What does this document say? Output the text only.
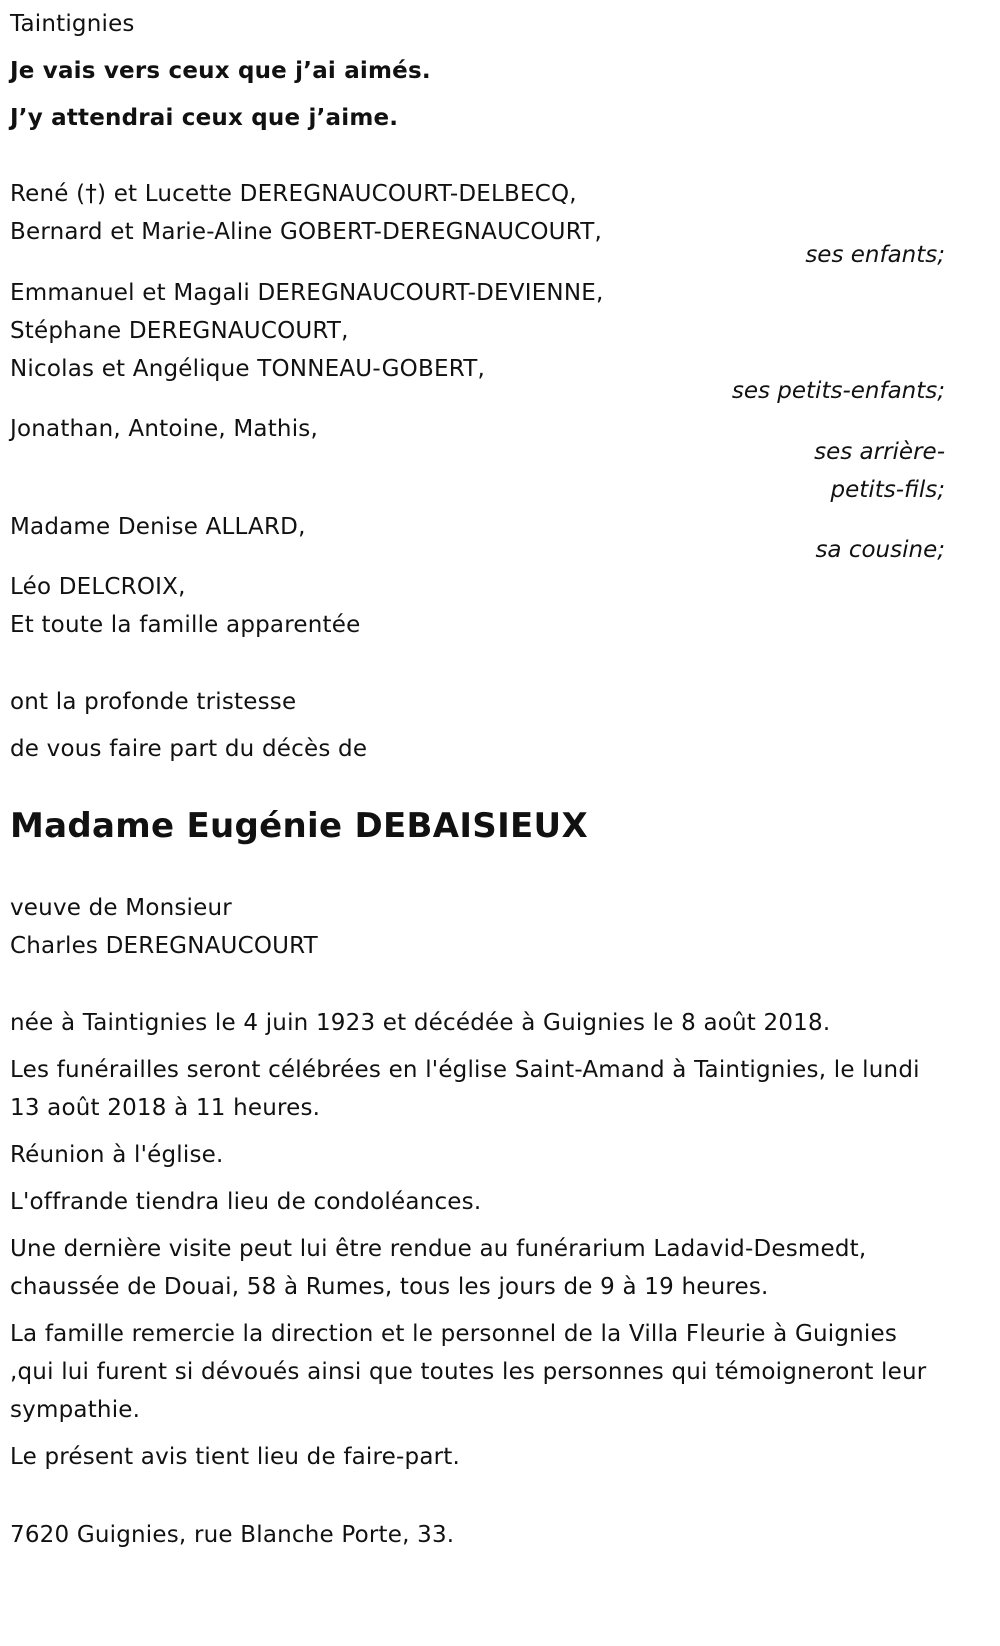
Taintignies
Je vais vers ceux que j’ai aimés.
J’y attendrai ceux que j’aime.
René (†) et Lucette DEREGNAUCOURT-DELBECQ,
Bernard et Marie-Aline GOBERT-DEREGNAUCOURT,
ses enfants;
Emmanuel et Magali DEREGNAUCOURT-DEVIENNE,
Stéphane DEREGNAUCOURT,
Nicolas et Angélique TONNEAU-GOBERT,
ses petits-enfants;
Jonathan, Antoine, Mathis,
ses arrière-
petits-fils;
Madame Denise ALLARD,
sa cousine;
Léo DELCROIX,
Et toute la famille apparentée
ont la profonde tristesse
de vous faire part du décès de
Madame Eugénie DEBAISIEUX
veuve de Monsieur
Charles DEREGNAUCOURT
née à Taintignies le 4 juin 1923 et décédée à Guignies le 8 août 2018.
Les funérailles seront célébrées en l'église Saint-Amand à Taintignies, le lundi 13 août 2018 à 11 heures.
Réunion à l'église.
L'offrande tiendra lieu de condoléances.
Une dernière visite peut lui être rendue au funérarium Ladavid-Desmedt, chaussée de Douai, 58 à Rumes, tous les jours de 9 à 19 heures.
La famille remercie la direction et le personnel de la Villa Fleurie à Guignies ,qui lui furent si dévoués ainsi que toutes les personnes qui témoigneront leur sympathie.
Le présent avis tient lieu de faire-part.
7620 Guignies, rue Blanche Porte, 33.
